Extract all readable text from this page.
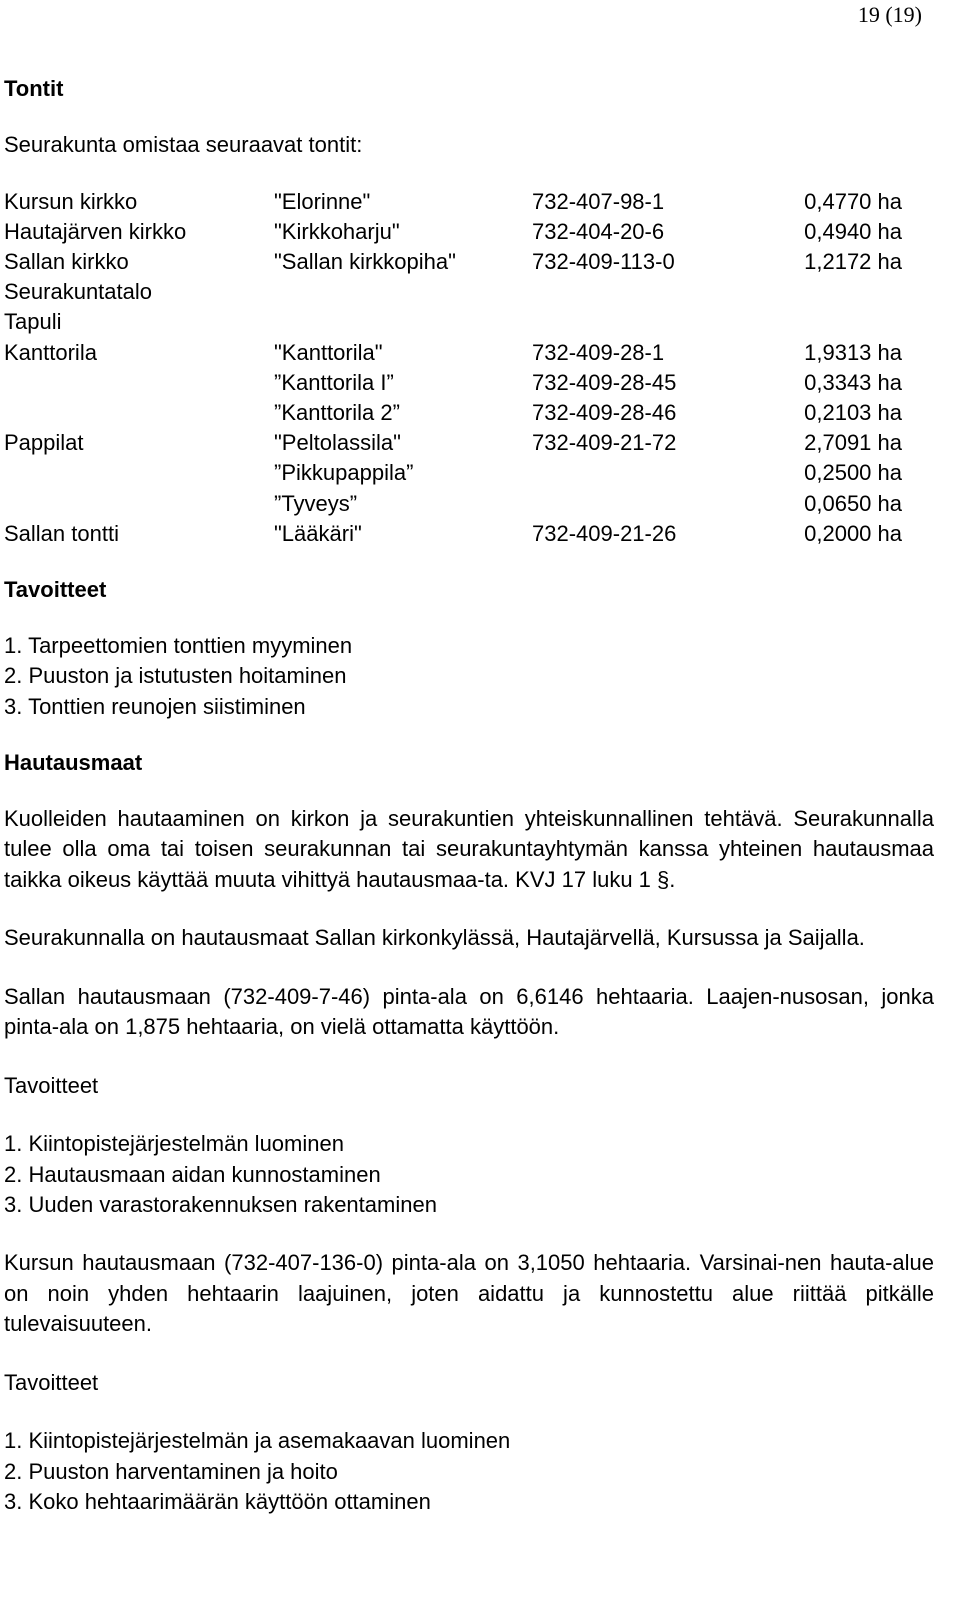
19 (19)
Tontit

Seurakunta omistaa seuraavat tontit:

Kursun kirkko	"Elorinne"	732-407-98-1	0,4770 ha
Hautajärven kirkko	"Kirkkoharju"	732-404-20-6	0,4940 ha
Sallan kirkko	"Sallan kirkkopiha"	732-409-113-0	1,2172 ha
Seurakuntatalo			
Tapuli			
Kanttorila	"Kanttorila"	732-409-28-1	1,9313 ha
	”Kanttorila I”	732-409-28-45	0,3343 ha
	”Kanttorila 2”	732-409-28-46	0,2103 ha
Pappilat	"Peltolassila"	732-409-21-72	2,7091 ha
	”Pikkupappila”		0,2500 ha
	”Tyveys”		0,0650 ha
Sallan tontti	"Lääkäri"	732-409-21-26	0,2000 ha
Tavoitteet
1. Tarpeettomien tonttien myyminen
2. Puuston ja istutusten hoitaminen
3. Tonttien reunojen siistiminen
Hautausmaat

Kuolleiden hautaaminen on kirkon ja seurakuntien yhteiskunnallinen tehtävä. Seurakunnalla tulee olla oma tai toisen seurakunnan tai seurakuntayhtymän kanssa yhteinen hautausmaa taikka oikeus käyttää muuta vihittyä hautausmaa-ta. KVJ 17 luku 1 §.

Seurakunnalla on hautausmaat Sallan kirkonkylässä, Hautajärvellä, Kursussa ja Saijalla.

Sallan hautausmaan (732-409-7-46) pinta-ala on 6,6146 hehtaaria. Laajen-nusosan, jonka pinta-ala on 1,875 hehtaaria, on vielä ottamatta käyttöön.

Tavoitteet

1. Kiintopistejärjestelmän luominen
2. Hautausmaan aidan kunnostaminen
3. Uuden varastorakennuksen rakentaminen

Kursun hautausmaan (732-407-136-0) pinta-ala on 3,1050 hehtaaria. Varsinai-nen hauta-alue on noin yhden hehtaarin laajuinen, joten aidattu ja kunnostettu alue riittää pitkälle tulevaisuuteen.

Tavoitteet

1. Kiintopistejärjestelmän ja asemakaavan luominen
2. Puuston harventaminen ja hoito
3. Koko hehtaarimäärän käyttöön ottaminen
